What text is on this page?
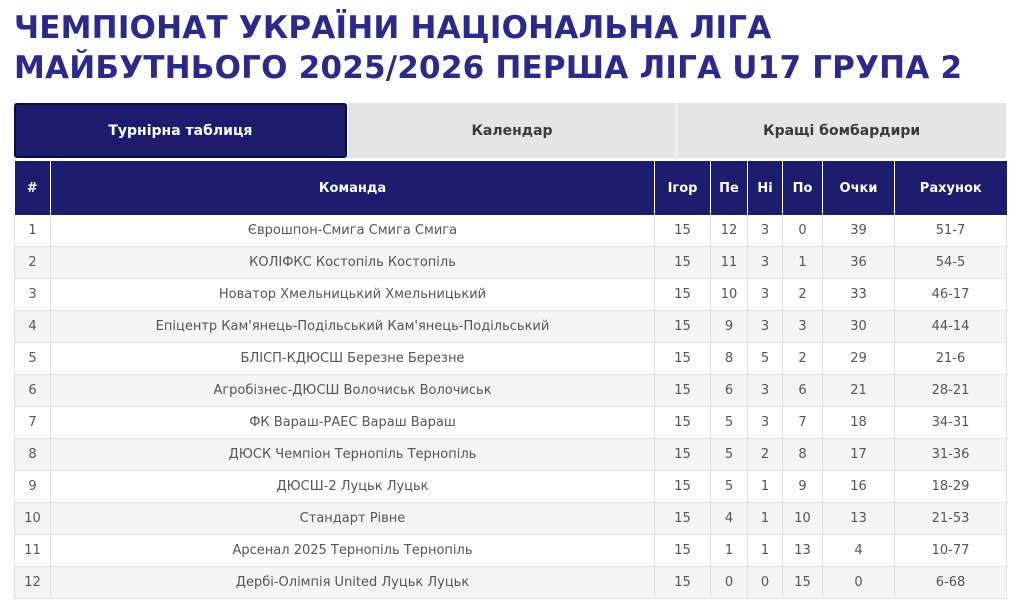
ЧЕМПІОНАТ УКРАЇНИ НАЦІОНАЛЬНА ЛІГА МАЙБУТНЬОГО 2025/2026 ПЕРША ЛІГА U17 ГРУПА 2
Турнірна таблиця	Календар	Кращі бомбардири
#	Команда	Ігор	Пе	Ні	По	Очки	Рахунок
1	Єврошпон-Смига Смига Смига	15	12	3	0	39	51-7
2	КОЛІФКС Костопіль Костопіль	15	11	3	1	36	54-5
3	Новатор Хмельницький Хмельницький	15	10	3	2	33	46-17
4	Епіцентр Кам'янець-Подільський Кам'янець-Подільський	15	9	3	3	30	44-14
5	БЛІСП-КДЮСШ Березне Березне	15	8	5	2	29	21-6
6	Агробізнес-ДЮСШ Волочиськ Волочиськ	15	6	3	6	21	28-21
7	ФК Вараш-РАЕС Вараш Вараш	15	5	3	7	18	34-31
8	ДЮСК Чемпіон Тернопіль Тернопіль	15	5	2	8	17	31-36
9	ДЮСШ-2 Луцьк Луцьк	15	5	1	9	16	18-29
10	Стандарт Рівне	15	4	1	10	13	21-53
11	Арсенал 2025 Тернопіль Тернопіль	15	1	1	13	4	10-77
12	Дербі-Олімпія United Луцьк Луцьк	15	0	0	15	0	6-68
